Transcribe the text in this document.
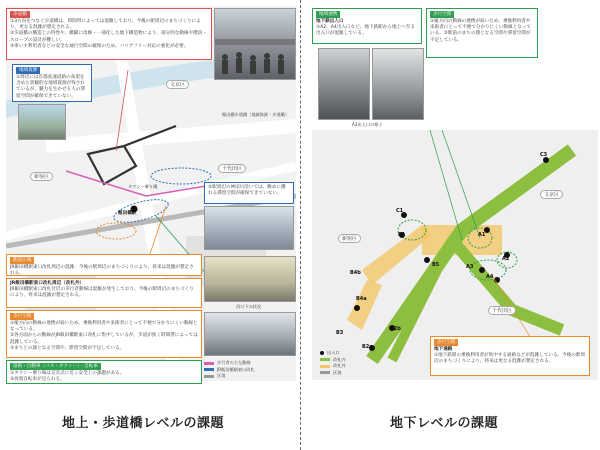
歩道橋
①3方向をつなぐ歩道橋は、時間帯によっては混雑しており、今後の駅周辺のまちづくりにより、更なる混雑が想定される。
②歩道橋の構造上の特性や、橋脚に改修・一部化した地下構造物により、部分的な動線や階段・スロープの設計が難しい。
③車いす利用者などの安全な通行空間の確保のため、バリアフリー対応の強化が必要。
飯田橋歩道橋（地域資源・歩道橋）
地域資源
①周辺には首都高速道路の高架を含めた景観的な地域資源が残されているが、魅力を生かせる人の滞留空間が確保できていない。
⑤駅周辺の神田川沿いでは、眺めに優れる滞留空間が確保できていない。
文京区
新宿区
千代田区
タクシー乗り場
飯田橋駅
駅前広場
JR飯田橋駅東口改札周辺の混雑：今後の駅周辺のまちづくりにより、将来は混雑が想定される。
JR飯田橋駅東口改札周辺（改札外）
JR飯田橋駅東口改札付近の歩行者動線は混雑が発生しており、今後の駅周辺のまちづくりにより、将来は混雑が想定される。
歩行空間
①縦方向の動線の連携が弱いため、乗換利用者や来街者にとって不便で分かりにくい動線となっている。
②各方面からの動線がJR飯田橋駅東口改札に集中しているが、歩道が狭く時間帯によっては混雑している。
③まちとの顔となる空間や、滞留空間が不足している。
道路・自動車（バス・タクシー）・自転車
①タクシー乗り場は交差点に近く安全上の課題がある。
②放置自転車が見られる。
西口下の状況
歩行者の主な動線
JR飯田橋駅東口改札
区境
地上・歩道橋レベルの課題
地域連携
地下鉄出入口
①A2、A4出入口など、地下鉄駅から地上へ至る出入口が混雑している。
歩行空間
①縦方向の動線の連携が弱いため、乗換利用者や来街者にとって不便で分かりにくい動線となっている。②駅前のまちの顔となる空間や滞留空間が不足している。
A2出入口の様子
文京区
新宿区
千代田区
C1
C3
B1
B2a
B2b
B3
B4a
B4b
B5
A1
A2
A3
A4
歩行空間
地下通路
①地下鉄間の乗換利用者が集中する通路などが混雑している。今後の駅周辺のまちづくりにより、将来は更なる混雑が想定される。
出入口
改札内
改札外
区境
地下レベルの課題
